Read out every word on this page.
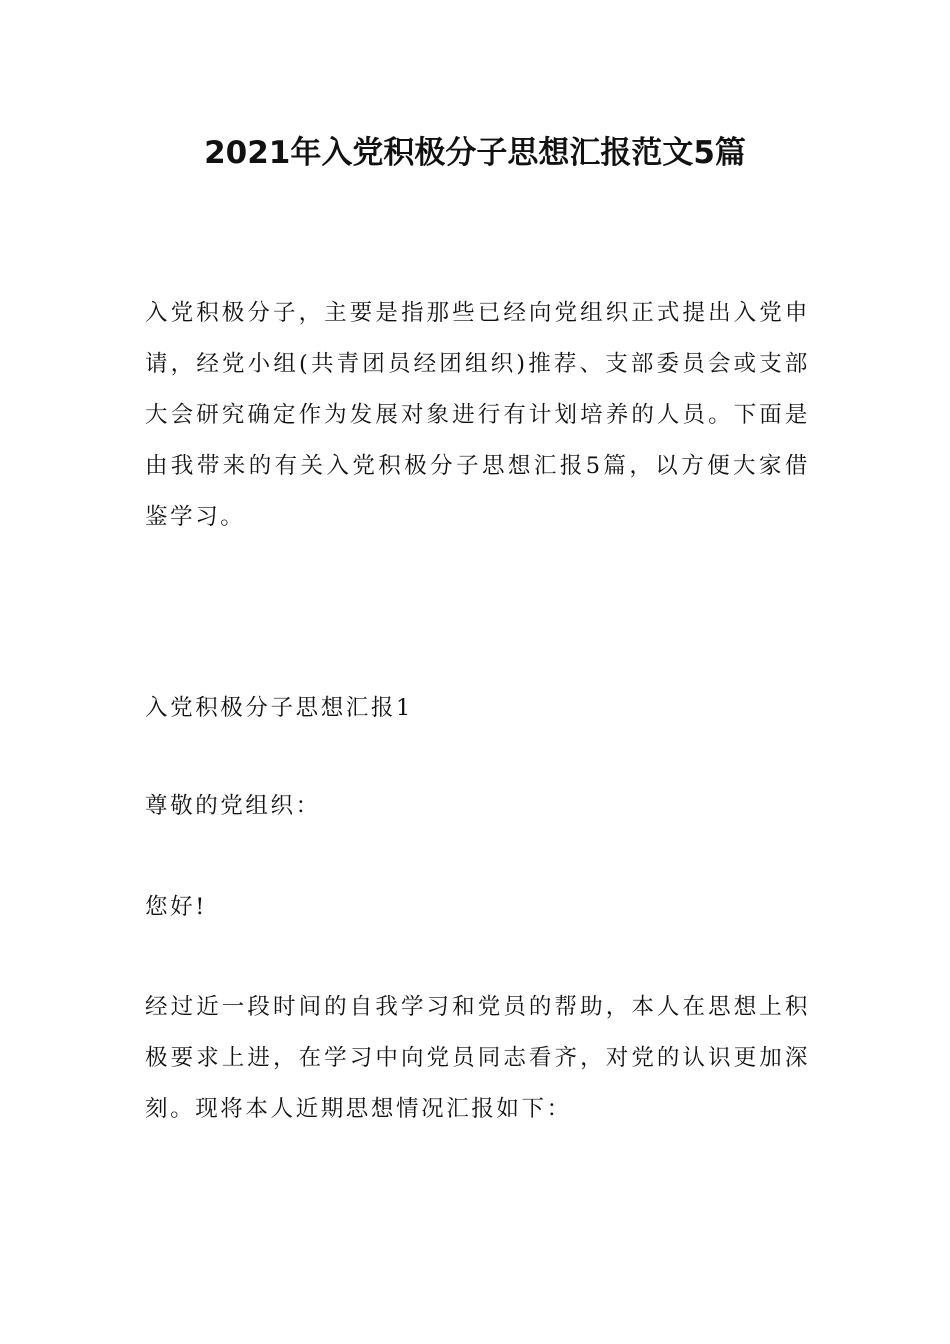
2021年入党积极分子思想汇报范文5篇

入党积极分子，主要是指那些已经向党组织正式提出入党申请，经党小组(共青团员经团组织)推荐、支部委员会或支部大会研究确定作为发展对象进行有计划培养的人员。下面是由我带来的有关入党积极分子思想汇报5篇，以方便大家借鉴学习。

入党积极分子思想汇报1

尊敬的党组织：

您好!

经过近一段时间的自我学习和党员的帮助，本人在思想上积极要求上进，在学习中向党员同志看齐，对党的认识更加深刻。现将本人近期思想情况汇报如下：
